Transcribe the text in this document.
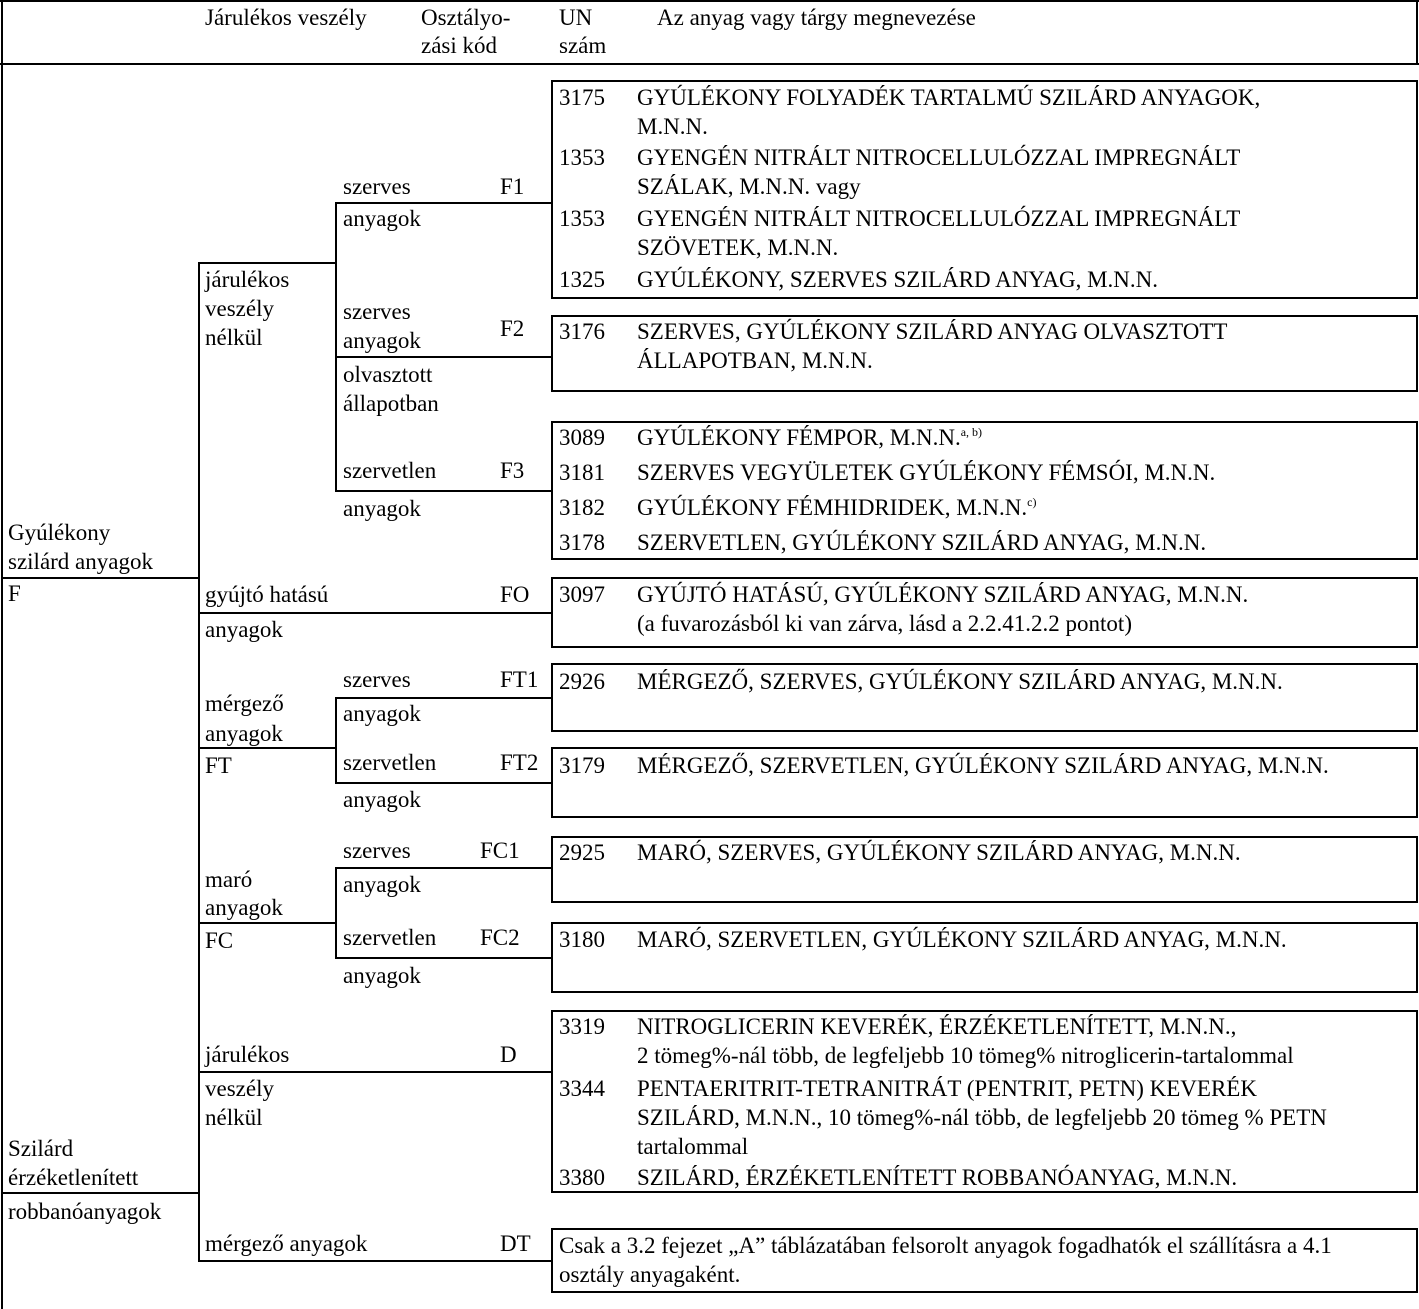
Járulékos veszély Osztályo-
zási kód
UN
szám
Az anyag vagy tárgy megnevezése
Gyúlékony
szilárd anyagok
F
Szilárd
érzéketlenített
robbanóanyagok
járulékos
veszély
nélkül
gyújtó hatású
anyagok
FO
mérgező
anyagok
FT
maró
anyagok
FC
járulékos
veszély
nélkül
D
mérgező anyagok	DT
szerves
anyagok
F1
szerves
anyagok
olvasztott
állapotban
F2
szervetlen
anyagok
F3
szerves
anyagok
FT1
szervetlen
anyagok
FT2
szerves
anyagok
FC1
szervetlen
anyagok
FC2
3175 GYÚLÉKONY FOLYADÉK TARTALMÚ SZILÁRD ANYAGOK,
M.N.N.
1353 GYENGÉN NITRÁLT NITROCELLULÓZZAL IMPREGNÁLT
SZÁLAK, M.N.N. vagy
1353 GYENGÉN NITRÁLT NITROCELLULÓZZAL IMPREGNÁLT
SZÖVETEK, M.N.N.
1325 GYÚLÉKONY, SZERVES SZILÁRD ANYAG, M.N.N.
3176 SZERVES, GYÚLÉKONY SZILÁRD ANYAG OLVASZTOTT
ÁLLAPOTBAN, M.N.N.
3089 GYÚLÉKONY FÉMPOR, M.N.N.$^{a, b)}$
3181 SZERVES VEGYÜLETEK GYÚLÉKONY FÉMSÓI, M.N.N.
3182 GYÚLÉKONY FÉMHIDRIDEK, M.N.N.$^{c)}$
3178 SZERVETLEN, GYÚLÉKONY SZILÁRD ANYAG, M.N.N.
3097 GYÚJTÓ HATÁSÚ, GYÚLÉKONY SZILÁRD ANYAG, M.N.N.
(a fuvarozásból ki van zárva, lásd a 2.2.41.2.2 pontot)
2926 MÉRGEZŐ, SZERVES, GYÚLÉKONY SZILÁRD ANYAG, M.N.N.
3179 MÉRGEZŐ, SZERVETLEN, GYÚLÉKONY SZILÁRD ANYAG, M.N.N.
2925 MARÓ, SZERVES, GYÚLÉKONY SZILÁRD ANYAG, M.N.N.
3180 MARÓ, SZERVETLEN, GYÚLÉKONY SZILÁRD ANYAG, M.N.N.
3319 NITROGLICERIN KEVERÉK, ÉRZÉKETLENÍTETT, M.N.N.,
2 tömeg%-nál több, de legfeljebb 10 tömeg% nitroglicerin-tartalommal
3344 PENTAERITRIT-TETRANITRÁT (PENTRIT, PETN) KEVERÉK
SZILÁRD, M.N.N., 10 tömeg%-nál több, de legfeljebb 20 tömeg % PETN
tartalommal
3380 SZILÁRD, ÉRZÉKETLENÍTETT ROBBANÓANYAG, M.N.N.
Csak a 3.2 fejezet „A” táblázatában felsorolt anyagok fogadhatók el szállításra a 4.1
osztály anyagaként.
